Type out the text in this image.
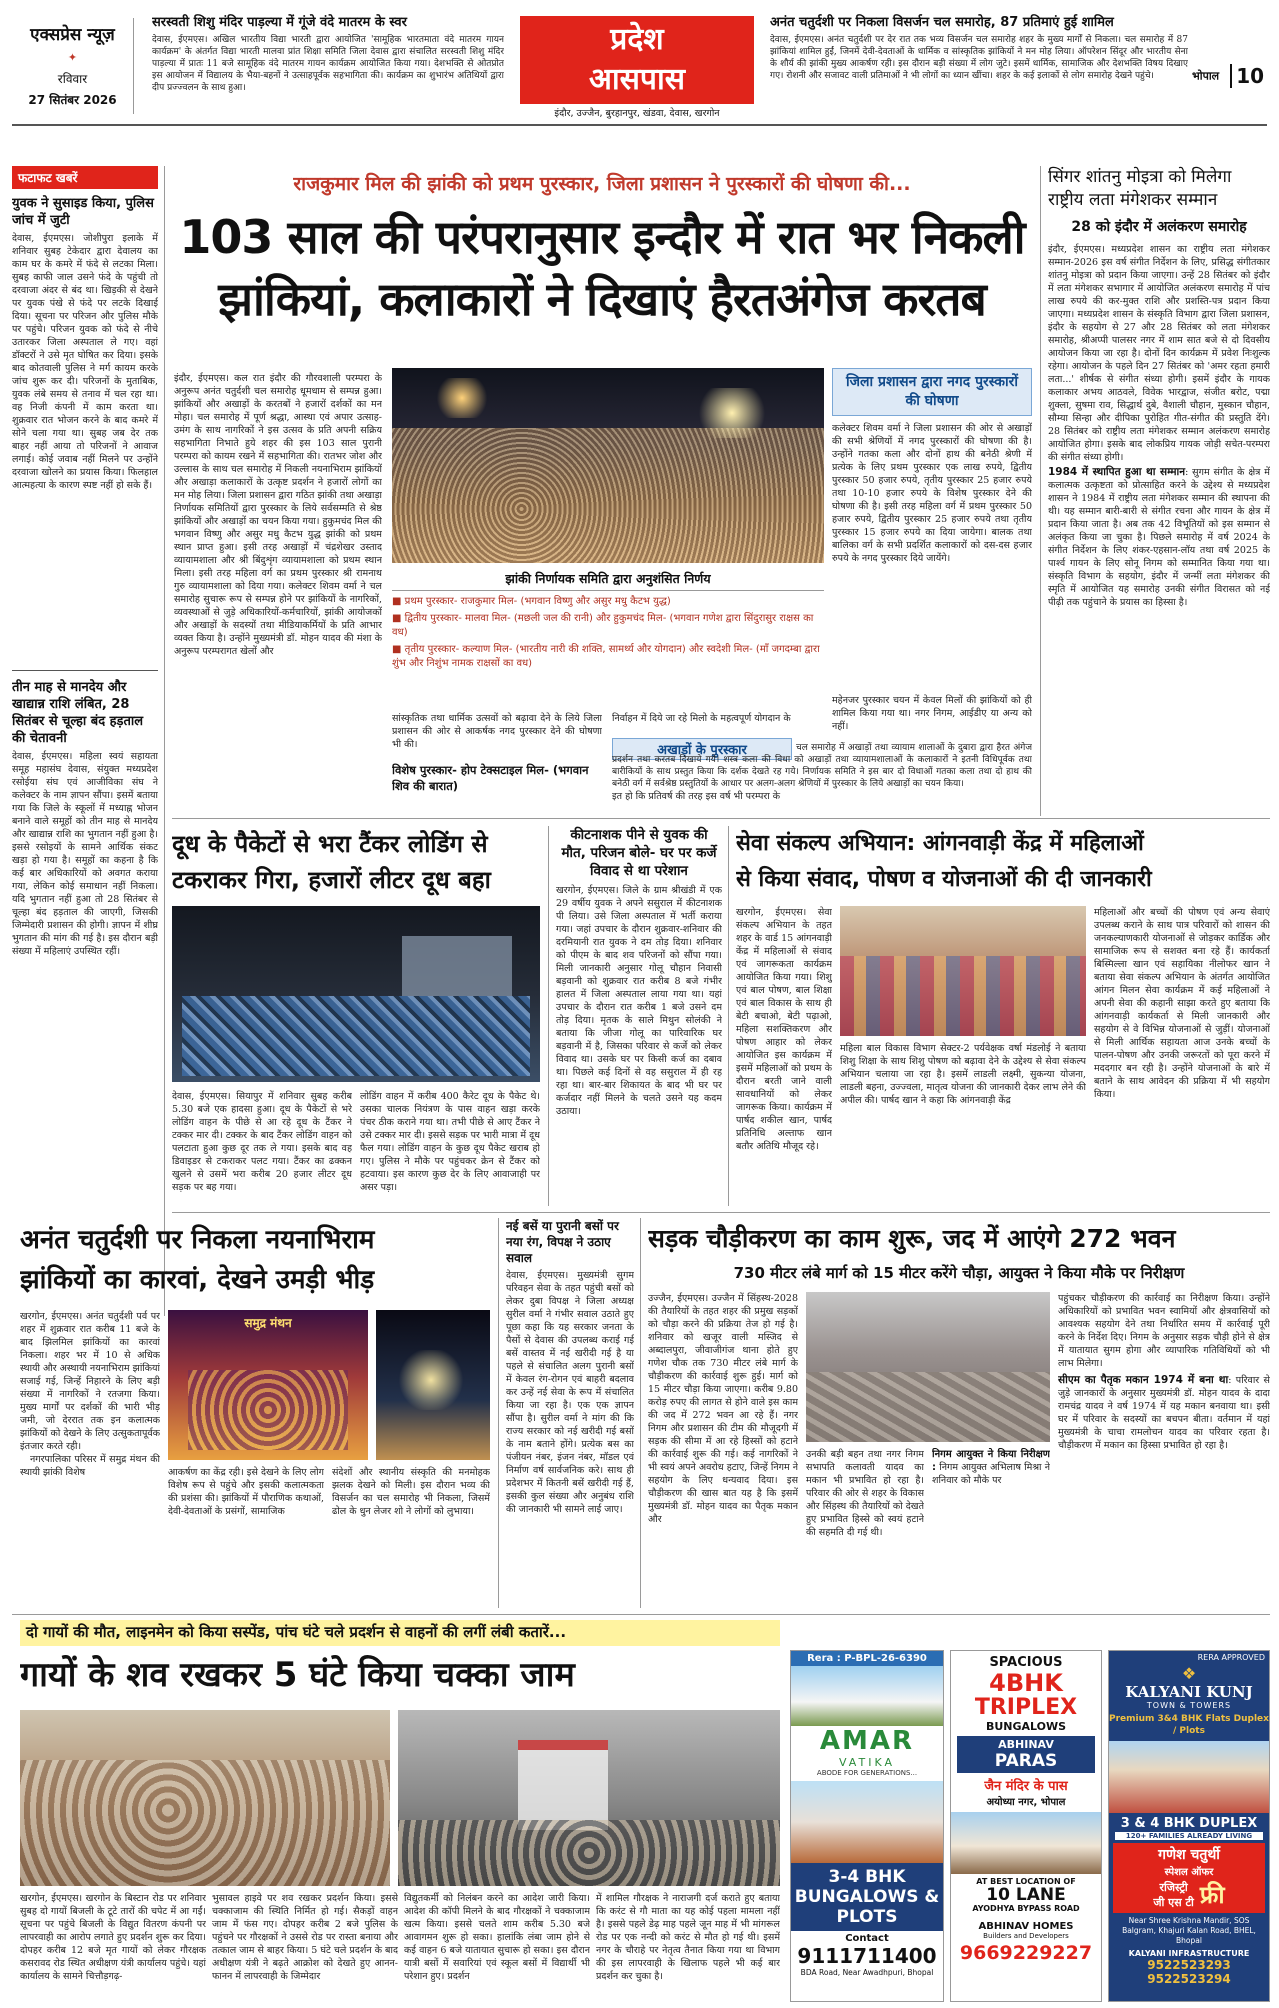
एक्सप्रेस न्यूज़
✦
रविवार
27 सितंबर 2026
सरस्वती शिशु मंदिर पाड़ल्या में गूंजे वंदे मातरम के स्वर
देवास, ईएमएस। अखिल भारतीय विद्या भारती द्वारा आयोजित 'सामूहिक भारतमाता वंदे मातरम गायन कार्यक्रम' के अंतर्गत विद्या भारती मालवा प्रांत शिक्षा समिति जिला देवास द्वारा संचालित सरस्वती शिशु मंदिर पाड़ल्या में प्रातः 11 बजे सामूहिक वंदे मातरम गायन कार्यक्रम आयोजित किया गया। देशभक्ति से ओतप्रोत इस आयोजन में विद्यालय के भैया-बहनों ने उत्साहपूर्वक सहभागिता की। कार्यक्रम का शुभारंभ अतिथियों द्वारा दीप प्रज्ज्वलन के साथ हुआ।
प्रदेश
आसपास
इंदौर, उज्जैन, बुरहानपुर, खंडवा, देवास, खरगोन
अनंत चतुर्दशी पर निकला विसर्जन चल समारोह, 87 प्रतिमाएं हुई शामिल
देवास, ईएमएस। अनंत चतुर्दशी पर देर रात तक भव्य विसर्जन चल समारोह शहर के मुख्य मार्गों से निकला। चल समारोह में 87 झांकियां शामिल हुईं, जिनमें देवी-देवताओं के धार्मिक व सांस्कृतिक झांकियों ने मन मोह लिया। ऑपरेशन सिंदूर और भारतीय सेना के शौर्य की झांकी मुख्य आकर्षण रही। इस दौरान बड़ी संख्या में लोग जुटे। इसमें धार्मिक, सामाजिक और देशभक्ति विषय दिखाए गए। रोशनी और सजावट वाली प्रतिमाओं ने भी लोगों का ध्यान खींचा। शहर के कई इलाकों से लोग समारोह देखने पहुंचे।	भोपाल 10
फटाफट खबरें
युवक ने सुसाइड किया, पुलिस जांच में जुटी
देवास, ईएमएस। जोशीपुरा इलाके में शनिवार सुबह टेकेदार द्वारा देवालय का काम घर के कमरे में फंदे से लटका मिला। सुबह काफी जाल उसने फंदे के पहुंची तो दरवाजा अंदर से बंद था। खिड़की से देखने पर युवक पंखे से फंदे पर लटके दिखाई दिया। सूचना पर परिजन और पुलिस मौके पर पहुंचे। परिजन युवक को फंदे से नीचे उतारकर जिला अस्पताल ले गए। वहां डॉक्टरों ने उसे मृत घोषित कर दिया। इसके बाद कोतवाली पुलिस ने मर्ग कायम करके जांच शुरू कर दी। परिजनों के मुताबिक, युवक लंबे समय से तनाव में चल रहा था। वह निजी कंपनी में काम करता था। शुक्रवार रात भोजन करने के बाद कमरे में सोने चला गया था। सुबह जब देर तक बाहर नहीं आया तो परिजनों ने आवाज लगाई। कोई जवाब नहीं मिलने पर उन्होंने दरवाजा खोलने का प्रयास किया। फिलहाल आत्महत्या के कारण स्पष्ट नहीं हो सके हैं।
तीन माह से मानदेय और खाद्यान्न राशि लंबित, 28 सितंबर से चूल्हा बंद हड़ताल की चेतावनी
देवास, ईएमएस। महिला स्वयं सहायता समूह महासंघ देवास, संयुक्त मध्यप्रदेश रसोईया संघ एवं आजीविका संघ ने कलेक्टर के नाम ज्ञापन सौंपा। इसमें बताया गया कि जिले के स्कूलों में मध्याह्न भोजन बनाने वाले समूहों को तीन माह से मानदेय और खाद्यान्न राशि का भुगतान नहीं हुआ है। इससे रसोइयों के सामने आर्थिक संकट खड़ा हो गया है। समूहों का कहना है कि कई बार अधिकारियों को अवगत कराया गया, लेकिन कोई समाधान नहीं निकला। यदि भुगतान नहीं हुआ तो 28 सितंबर से चूल्हा बंद हड़ताल की जाएगी, जिसकी जिम्मेदारी प्रशासन की होगी। ज्ञापन में शीघ्र भुगतान की मांग की गई है। इस दौरान बड़ी संख्या में महिलाएं उपस्थित रहीं।
राजकुमार मिल की झांकी को प्रथम पुरस्कार, जिला प्रशासन ने पुरस्कारों की घोषणा की...
103 साल की परंपरानुसार इन्दौर में रात भर निकली
झांकियां, कलाकारों ने दिखाएं हैरतअंगेज करतब
इंदौर, ईएमएस। कल रात इंदौर की गौरवशाली परम्परा के अनुरूप अनंत चतुर्दशी चल समारोह धूमधाम से सम्पन्न हुआ। झांकियों और अखाड़ों के करतबों ने हजारों दर्शकों का मन मोहा। चल समारोह में पूर्ण श्रद्धा, आस्था एवं अपार उत्साह-उमंग के साथ नागरिकों ने इस उत्सव के प्रति अपनी सक्रिय सहभागिता निभाते हुये शहर की इस 103 साल पुरानी परम्परा को कायम रखने में सहभागिता की। रातभर जोश और उल्लास के साथ चल समारोह में निकली नयनाभिराम झांकियों और अखाड़ा कलाकारों के उत्कृष्ट प्रदर्शन ने हजारों लोगों का मन मोह लिया। जिला प्रशासन द्वारा गठित झांकी तथा अखाड़ा निर्णायक समितियों द्वारा पुरस्कार के लिये सर्वसम्मति से श्रेष्ठ झांकियों और अखाड़ों का चयन किया गया। हुकुमचंद मिल की भगवान विष्णु और असुर मधु कैटभ युद्ध झांकी को प्रथम स्थान प्राप्त हुआ। इसी तरह अखाड़ों में चंद्रशेखर उस्ताद व्यायामशाला और श्री बिंदुशृंग व्यायामशाला को प्रथम स्थान मिला। इसी तरह महिला वर्ग का प्रथम पुरस्कार श्री रामनाथ गुरु व्यायामशाला को दिया गया। कलेक्टर शिवम वर्मा ने चल समारोह सुचारू रूप से सम्पन्न होने पर झांकियों के नागरिकों, व्यवस्थाओं से जुड़े अधिकारियों-कर्मचारियों, झांकी आयोजकों और अखाड़ों के सदस्यों तथा मीडियाकर्मियों के प्रति आभार व्यक्त किया है। उन्होंने मुख्यमंत्री डॉ. मोहन यादव की मंशा के अनुरूप परम्परागत खेलों और
झांकी निर्णायक समिति द्वारा अनुशंसित निर्णय
■ प्रथम पुरस्कार- राजकुमार मिल- (भगवान विष्णु और असुर मधु कैटभ युद्ध)
■ द्वितीय पुरस्कार- मालवा मिल- (मछली जल की रानी) और हुकुमचंद मिल- (भगवान गणेश द्वारा सिंदुरासुर राक्षस का वध)
■ तृतीय पुरस्कार- कल्याण मिल- (भारतीय नारी की शक्ति, सामर्थ्य और योगदान) और स्वदेशी मिल- (माँ जगदम्बा द्वारा शुंभ और निशुंभ नामक राक्षसों का वध)
सांस्कृतिक तथा धार्मिक उत्सवों को बढ़ावा देने के लिये जिला प्रशासन की ओर से आकर्षक नगद पुरस्कार देने की घोषणा भी की।
निर्वाहन में दिये जा रहे मिलो के महत्वपूर्ण योगदान के
विशेष पुरस्कार- होप टेक्सटाइल मिल- (भगवान शिव की बारात)
इत हो कि प्रतिवर्ष की तरह इस वर्ष भी परम्परा के
जिला प्रशासन द्वारा नगद पुरस्कारों की घोषणा
कलेक्टर शिवम वर्मा ने जिला प्रशासन की ओर से अखाड़ों की सभी श्रेणियों में नगद पुरस्कारों की घोषणा की है। उन्होंने गतका कला और दोनों हाथ की बनेठी श्रेणी में प्रत्येक के लिए प्रथम पुरस्कार एक लाख रुपये, द्वितीय पुरस्कार 50 हजार रुपये, तृतीय पुरस्कार 25 हजार रुपये तथा 10-10 हजार रुपये के विशेष पुरस्कार देने की घोषणा की है। इसी तरह महिला वर्ग में प्रथम पुरस्कार 50 हजार रुपये, द्वितीय पुरस्कार 25 हजार रुपये तथा तृतीय पुरस्कार 15 हजार रुपये का दिया जायेगा। बालक तथा बालिका वर्ग के सभी प्रदर्शित कलाकारों को दस-दस हजार रुपये के नगद पुरस्कार दिये जायेंगे।
महेनजर पुरस्कार चयन में केवल मिलों की झांकियों को ही शामिल किया गया था। नगर निगम, आईडीए या अन्य को नहीं।
अखाड़ों के पुरस्कार	चल समारोह में अखाड़ों तथा व्यायाम शालाओं के दुबारा द्वारा हैरत अंगेज प्रदर्शन तथा करतब दिखाये गये। शस्त्र कला की विधा को अखाड़ों तथा व्यायामशालाओं के कलाकारों ने इतनी विधिपूर्वक तथा बारीकियों के साथ प्रस्तुत किया कि दर्शक देखते रह गये। निर्णायक समिति ने इस बार दो विधाओं गतका कला तथा दो हाथ की बनेठी वर्ग में सर्वश्रेष्ठ प्रस्तुतियों के आधार पर अलग-अलग श्रेणियों में पुरस्कार के लिये अखाड़ों का चयन किया।
सिंगर शांतनु मोइत्रा को मिलेगा राष्ट्रीय लता मंगेशकर सम्मान
28 को इंदौर में अलंकरण समारोह
इंदौर, ईएमएस। मध्यप्रदेश शासन का राष्ट्रीय लता मंगेशकर सम्मान-2026 इस वर्ष संगीत निर्देशन के लिए, प्रसिद्ध संगीतकार शांतनु मोइत्रा को प्रदान किया जाएगा। उन्हें 28 सितंबर को इंदौर में लता मंगेशकर सभागार में आयोजित अलंकरण समारोह में पांच लाख रुपये की कर-मुक्त राशि और प्रशस्ति-पत्र प्रदान किया जाएगा। मध्यप्रदेश शासन के संस्कृति विभाग द्वारा जिला प्रशासन, इंदौर के सहयोग से 27 और 28 सितंबर को लता मंगेशकर समारोह, श्रीअप्पी पालसर नगर में शाम सात बजे से दो दिवसीय आयोजन किया जा रहा है। दोनों दिन कार्यक्रम में प्रवेश निःशुल्क रहेगा। आयोजन के पहले दिन 27 सितंबर को 'अमर रहता हमारी लता...' शीर्षक से संगीत संध्या होगी। इसमें इंदौर के गायक कलाकार अभय आठवले, विवेक भारद्वाज, संजीत बरोट, पद्मा शुक्ला, सुषमा राव, सिद्धार्थ दुबे, वैशाली चौहान, मुस्कान चौहान, सौम्या सिन्हा और दीपिका पुरोहित गीत-संगीत की प्रस्तुति देंगे। 28 सितंबर को राष्ट्रीय लता मंगेशकर सम्मान अलंकरण समारोह आयोजित होगा। इसके बाद लोकप्रिय गायक जोड़ी सचेत-परम्परा की संगीत संध्या होगी।
1984 में स्थापित हुआ था सम्मान: सुगम संगीत के क्षेत्र में कलात्मक उत्कृष्टता को प्रोत्साहित करने के उद्देश्य से मध्यप्रदेश शासन ने 1984 में राष्ट्रीय लता मंगेशकर सम्मान की स्थापना की थी। यह सम्मान बारी-बारी से संगीत रचना और गायन के क्षेत्र में प्रदान किया जाता है। अब तक 42 विभूतियों को इस सम्मान से अलंकृत किया जा चुका है। पिछले समारोह में वर्ष 2024 के संगीत निर्देशन के लिए शंकर-एहसान-लॉय तथा वर्ष 2025 के पार्श्व गायन के लिए सोनू निगम को सम्मानित किया गया था। संस्कृति विभाग के सहयोग, इंदौर में जन्मीं लता मंगेशकर की स्मृति में आयोजित यह समारोह उनकी संगीत विरासत को नई पीढ़ी तक पहुंचाने के प्रयास का हिस्सा है।
दूध के पैकेटों से भरा टैंकर लोडिंग से
टकराकर गिरा, हजारों लीटर दूध बहा
देवास, ईएमएस। सियापुर में शनिवार सुबह करीब 5.30 बजे एक हादसा हुआ। दूध के पैकेटों से भरे लोडिंग वाहन के पीछे से आ रहे दूध के टैंकर ने टक्कर मार दी। टक्कर के बाद टैंकर लोडिंग वाहन को पलटाता हुआ कुछ दूर तक ले गया। इसके बाद वह डिवाइडर से टकराकर पलट गया। टैंकर का ढक्कन खुलने से उसमें भरा करीब 20 हजार लीटर दूध सड़क पर बह गया।
लोडिंग वाहन में करीब 400 कैरेट दूध के पैकेट थे। उसका चालक नियंत्रण के पास वाहन खड़ा करके पंचर ठीक कराने गया था। तभी पीछे से आए टैंकर ने उसे टक्कर मार दी। इससे सड़क पर भारी मात्रा में दूध फैल गया। लोडिंग वाहन के कुछ दूध पैकेट खराब हो गए। पुलिस ने मौके पर पहुंचकर क्रेन से टैंकर को हटवाया। इस कारण कुछ देर के लिए आवाजाही पर असर पड़ा।
कीटनाशक पीने से युवक की मौत, परिजन बोले- घर पर कर्जे विवाद से था परेशान
खरगोन, ईएमएस। जिले के ग्राम श्रीखंडी में एक 29 वर्षीय युवक ने अपने ससुराल में कीटनाशक पी लिया। उसे जिला अस्पताल में भर्ती कराया गया। जहां उपचार के दौरान शुक्रवार-शनिवार की दरमियानी रात युवक ने दम तोड़ दिया। शनिवार को पीएम के बाद शव परिजनों को सौंपा गया। मिली जानकारी अनुसार गोलू चौहान निवासी बड़वानी को शुक्रवार रात करीब 8 बजे गंभीर हालत में जिला अस्पताल लाया गया था। यहां उपचार के दौरान रात करीब 1 बजे उसने दम तोड़ दिया। मृतक के साले मिथुन सोलंकी ने बताया कि जीजा गोलू का पारिवारिक घर बड़वानी में है, जिसका परिवार से कर्जे को लेकर विवाद था। उसके घर पर किसी कर्ज का दबाव था। पिछले कई दिनों से वह ससुराल में ही रह रहा था। बार-बार शिकायत के बाद भी घर पर कर्जदार नहीं मिलने के चलते उसने यह कदम उठाया।
सेवा संकल्प अभियान: आंगनवाड़ी केंद्र में महिलाओं
से किया संवाद, पोषण व योजनाओं की दी जानकारी
खरगोन, ईएमएस। सेवा संकल्प अभियान के तहत शहर के वार्ड 15 आंगनवाड़ी केंद्र में महिलाओं से संवाद एवं जागरूकता कार्यक्रम आयोजित किया गया। शिशु एवं बाल पोषण, बाल शिक्षा एवं बाल विकास के साथ ही बेटी बचाओ, बेटी पढ़ाओ, महिला सशक्तिकरण और पोषण आहार को लेकर आयोजित इस कार्यक्रम में इसमें महिलाओं को प्रथम के दौरान बरती जाने वाली सावधानियों को लेकर जागरूक किया। कार्यक्रम में पार्षद शकील खान, पार्षद प्रतिनिधि अल्ताफ खान बतौर अतिथि मौजूद रहे।
महिला बाल विकास विभाग सेक्टर-2 पर्यवेक्षक वर्षा मंडलोई ने बताया शिशु शिक्षा के साथ शिशु पोषण को बढ़ावा देने के उद्देश्य से सेवा संकल्प अभियान चलाया जा रहा है। इसमें लाडली लक्ष्मी, सुकन्या योजना, लाडली बहना, उज्ज्वला, मातृत्व योजना की जानकारी देकर लाभ लेने की अपील की। पार्षद खान ने कहा कि आंगनवाड़ी केंद्र
महिलाओं और बच्चों की पोषण एवं अन्य सेवाएं उपलब्ध कराने के साथ पात्र परिवारों को शासन की जनकल्याणकारी योजनाओं से जोड़कर कार्डिक और सामाजिक रूप से सशक्त बना रहे हैं। कार्यकर्ता बिस्मिल्ला खान एवं सहायिका नीलोफर खान ने बताया सेवा संकल्प अभियान के अंतर्गत आयोजित आंगन मिलन सेवा कार्यक्रम में कई महिलाओं ने अपनी सेवा की कहानी साझा करते हुए बताया कि आंगनवाड़ी कार्यकर्ता से मिली जानकारी और सहयोग से वे विभिन्न योजनाओं से जुड़ीं। योजनाओं से मिली आर्थिक सहायता आज उनके बच्चों के पालन-पोषण और उनकी जरूरतों को पूरा करने में मददगार बन रही है। उन्होंने योजनाओं के बारे में बताने के साथ आवेदन की प्रक्रिया में भी सहयोग किया।
अनंत चतुर्दशी पर निकला नयनाभिराम
झांकियों का कारवां, देखने उमड़ी भीड़
खरगोन, ईएमएस। अनंत चतुर्दशी पर्व पर शहर में शुक्रवार रात करीब 11 बजे के बाद झिलमिल झांकियों का कारवां निकला। शहर भर में 10 से अधिक स्थायी और अस्थायी नयनाभिराम झांकियां सजाई गई, जिन्हें निहारने के लिए बड़ी संख्या में नागरिकों ने रतजगा किया। मुख्य मार्गों पर दर्शकों की भारी भीड़ जमी, जो देररात तक इन कलात्मक झांकियों को देखने के लिए उत्सुकतापूर्वक इंतजार करते रही।
नगरपालिका परिसर में समुद्र मंथन की स्थायी झांकी विशेष
समुद्र मंथन
आकर्षण का केंद्र रही। इसे देखने के लिए लोग विशेष रूप से पहुंचे और इसकी कलात्मकता की प्रशंसा की। झांकियों में पौराणिक कथाओं, देवी-देवताओं के प्रसंगों, सामाजिक
संदेशों और स्थानीय संस्कृति की मनमोहक झलक देखने को मिली। इस दौरान भव्य की विसर्जन का चल समारोह भी निकला, जिसमें ढोल के धुन लेजर शो ने लोगों को लुभाया।
नई बसें या पुरानी बसों पर नया रंग, विपक्ष ने उठाए सवाल
देवास, ईएमएस। मुख्यमंत्री सुगम परिवहन सेवा के तहत पहुंची बसों को लेकर दुबा विपक्ष ने जिला अध्यक्ष सुरील वर्मा ने गंभीर सवाल उठाते हुए पूछा कहा कि यह सरकार जनता के पैसों से देवास की उपलब्ध कराई गई बसें वास्तव में नई खरीदी गई है या पहले से संचालित अलग पुरानी बसों में केवल रंग-रोगन एवं बाहरी बदलाव कर उन्हें नई सेवा के रूप में संचालित किया जा रहा है। एक एक ज्ञापन सौंपा है। सुरील वर्मा ने मांग की कि राज्य सरकार को नई खरीदी गई बसों के नाम बताने होंगे। प्रत्येक बस का पंजीयन नंबर, इंजन नंबर, मॉडल एवं निर्माण वर्ष सार्वजनिक करे। साथ ही प्रदेशभर में कितनी बसें खरीदी गई हैं, इसकी कुल संख्या और अनुबंध राशि की जानकारी भी सामने लाई जाए।
सड़क चौड़ीकरण का काम शुरू, जद में आएंगे 272 भवन
730 मीटर लंबे मार्ग को 15 मीटर करेंगे चौड़ा, आयुक्त ने किया मौके पर निरीक्षण
उज्जैन, ईएमएस। उज्जैन में सिंहस्थ-2028 की तैयारियों के तहत शहर की प्रमुख सड़कों को चौड़ा करने की प्रक्रिया तेज हो गई है। शनिवार को खजूर वाली मस्जिद से अब्दालपुरा, जीवाजीगंज थाना होते हुए गणेश चौक तक 730 मीटर लंबे मार्ग के चौड़ीकरण की कार्रवाई शुरू हुई। मार्ग को 15 मीटर चौड़ा किया जाएगा। करीब 9.80 करोड़ रुपए की लागत से होने वाले इस काम की जद में 272 भवन आ रहे हैं। नगर निगम और प्रशासन की टीम की मौजूदगी में सड़क की सीमा में आ रहे हिस्सों को हटाने की कार्रवाई शुरू की गई। कई नागरिकों ने भी स्वयं अपने अवरोध हटाए, जिन्हें निगम ने सहयोग के लिए धन्यवाद दिया। इस चौड़ीकरण की खास बात यह है कि इसमें मुख्यमंत्री डॉ. मोहन यादव का पैतृक मकान और
उनकी बड़ी बहन तथा नगर निगम सभापति कलावती यादव का मकान भी प्रभावित हो रहा है। परिवार की ओर से शहर के विकास और सिंहस्थ की तैयारियों को देखते हुए प्रभावित हिस्से को स्वयं हटाने की सहमति दी गई थी।
निगम आयुक्त ने किया निरीक्षण : निगम आयुक्त अभिलाष मिश्रा ने शनिवार को मौके पर
पहुंचकर चौड़ीकरण की कार्रवाई का निरीक्षण किया। उन्होंने अधिकारियों को प्रभावित भवन स्वामियों और क्षेत्रवासियों को आवश्यक सहयोग देने तथा निर्धारित समय में कार्रवाई पूरी करने के निर्देश दिए। निगम के अनुसार सड़क चौड़ी होने से क्षेत्र में यातायात सुगम होगा और व्यापारिक गतिविधियों को भी लाभ मिलेगा।
सीएम का पैतृक मकान 1974 में बना था: परिवार से जुड़े जानकारों के अनुसार मुख्यमंत्री डॉ. मोहन यादव के दादा रामचंद्र यादव ने वर्ष 1974 में यह मकान बनवाया था। इसी घर में परिवार के सदस्यों का बचपन बीता। वर्तमान में यहां मुख्यमंत्री के चाचा रामलोचन यादव का परिवार रहता है। चौड़ीकरण में मकान का हिस्सा प्रभावित हो रहा है।
दो गायों की मौत, लाइनमेन को किया सस्पेंड, पांच घंटे चले प्रदर्शन से वाहनों की लगीं लंबी कतारें...
गायों के शव रखकर 5 घंटे किया चक्का जाम
खरगोन, ईएमएस। खरगोन के बिस्टान रोड पर शनिवार सुबह दो गायों बिजली के टूटे तारों की चपेट में आ गईं। सूचना पर पहुंचे बिजली के विद्युत वितरण कंपनी पर लापरवाही का आरोप लगाते हुए प्रदर्शन शुरू कर दिया। दोपहर करीब 12 बजे मृत गायों को लेकर गौरक्षक कसरावद रोड स्थित अधीक्षण यंत्री कार्यालय पहुंचे। यहां कार्यालय के सामने चित्तौड़गढ़-
भुसावल हाइवे पर शव रखकर प्रदर्शन किया। इससे चक्काजाम की स्थिति निर्मित हो गई। सैकड़ों वाहन जाम में फंस गए। दोपहर करीब 2 बजे पुलिस के पहुंचने पर गौरक्षकों ने उससे रोड पर रास्ता बनाया और तत्काल जाम से बाहर किया। 5 घंटे चले प्रदर्शन के बाद अधीक्षण यंत्री ने बढ़ते आक्रोश को देखते हुए आनन-फानन में लापरवाही के जिम्मेदार
विद्युतकर्मी को निलंबन करने का आदेश जारी किया। आदेश की कॉपी मिलने के बाद गौरक्षकों ने चक्काजाम खत्म किया। इससे चलते शाम करीब 5.30 बजे आवागमन शुरू हो सका। हालांकि लंबा जाम होने से कई वाहन 6 बजे यातायात सुचारू हो सका। इस दौरान यात्री बसों में सवारियां एवं स्कूल बसों में विद्यार्थी भी परेशान हुए। प्रदर्शन
में शामिल गौरक्षक ने नाराजगी दर्ज कराते हुए बताया कि करंट से गौ माता का यह कोई पहला मामला नहीं है। इससे पहले डेढ़ माह पहले जून माह में भी मांगरूल रोड पर एक नन्दी को करंट से मौत हो गई थी। इसमें नगर के चौराहे पर नेतृत्व तैनात किया गया था विभाग की इस लापरवाही के खिलाफ पहले भी कई बार प्रदर्शन कर चुका है।
Rera : P-BPL-26-6390
AMAR
VATIKA
ABODE FOR GENERATIONS...
3-4 BHK BUNGALOWS & PLOTS
Contact
9111711400
BDA Road, Near Awadhpuri, Bhopal
SPACIOUS
4BHK
TRIPLEX
BUNGALOWS
ABHINAV
PARAS
जैन मंदिर के पास
अयोध्या नगर, भोपाल
AT BEST LOCATION OF
10 LANE
AYODHYA BYPASS ROAD
ABHINAV HOMES
Builders and Developers
9669229227
RERA APPROVED
❖
KALYANI KUNJ
TOWN & TOWERS
Premium 3&4 BHK Flats Duplex / Plots
3 & 4 BHK DUPLEX
120+ FAMILIES ALREADY LIVING
गणेश चतुर्थी
स्पेशल ऑफर
रजिस्ट्री
जी एस टी फ्री
Near Shree Krishna Mandir, SOS Balgram, Khajuri Kalan Road, BHEL, Bhopal
KALYANI INFRASTRUCTURE
9522523293
9522523294
